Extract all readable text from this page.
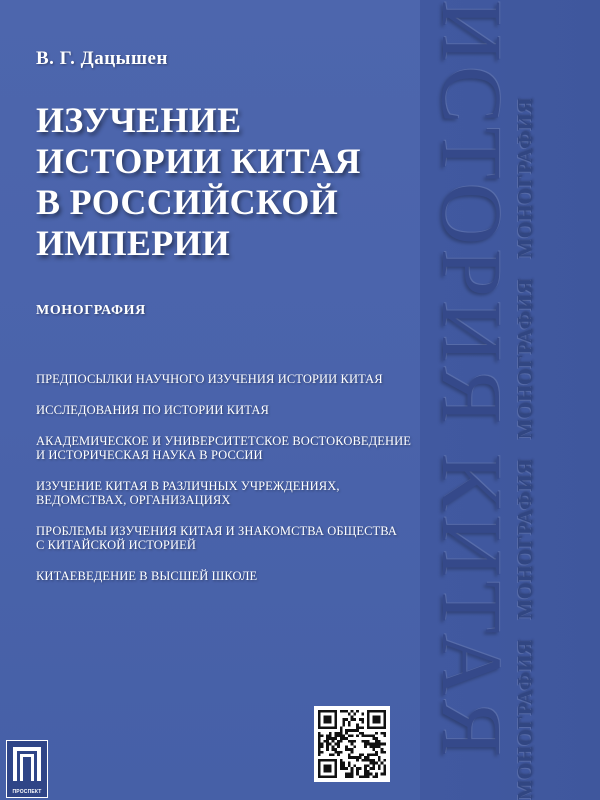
ИСТОРИЯ КИТАЯ
МОНОГРАФИЯ МОНОГРАФИЯ МОНОГРАФИЯ МОНОГРАФИЯ
В. Г. Дацышен
ИЗУЧЕНИЕ
ИСТОРИИ КИТАЯ
В РОССИЙСКОЙ
ИМПЕРИИ
МОНОГРАФИЯ
ПРЕДПОСЫЛКИ НАУЧНОГО ИЗУЧЕНИЯ ИСТОРИИ КИТАЯ
ИССЛЕДОВАНИЯ ПО ИСТОРИИ КИТАЯ
АКАДЕМИЧЕСКОЕ И УНИВЕРСИТЕТСКОЕ ВОСТОКОВЕДЕНИЕ
И ИСТОРИЧЕСКАЯ НАУКА В РОССИИ
ИЗУЧЕНИЕ КИТАЯ В РАЗЛИЧНЫХ УЧРЕЖДЕНИЯХ,
ВЕДОМСТВАХ, ОРГАНИЗАЦИЯХ
ПРОБЛЕМЫ ИЗУЧЕНИЯ КИТАЯ И ЗНАКОМСТВА ОБЩЕСТВА
С КИТАЙСКОЙ ИСТОРИЕЙ
КИТАЕВЕДЕНИЕ В ВЫСШЕЙ ШКОЛЕ
ПРОСПЕКТ
